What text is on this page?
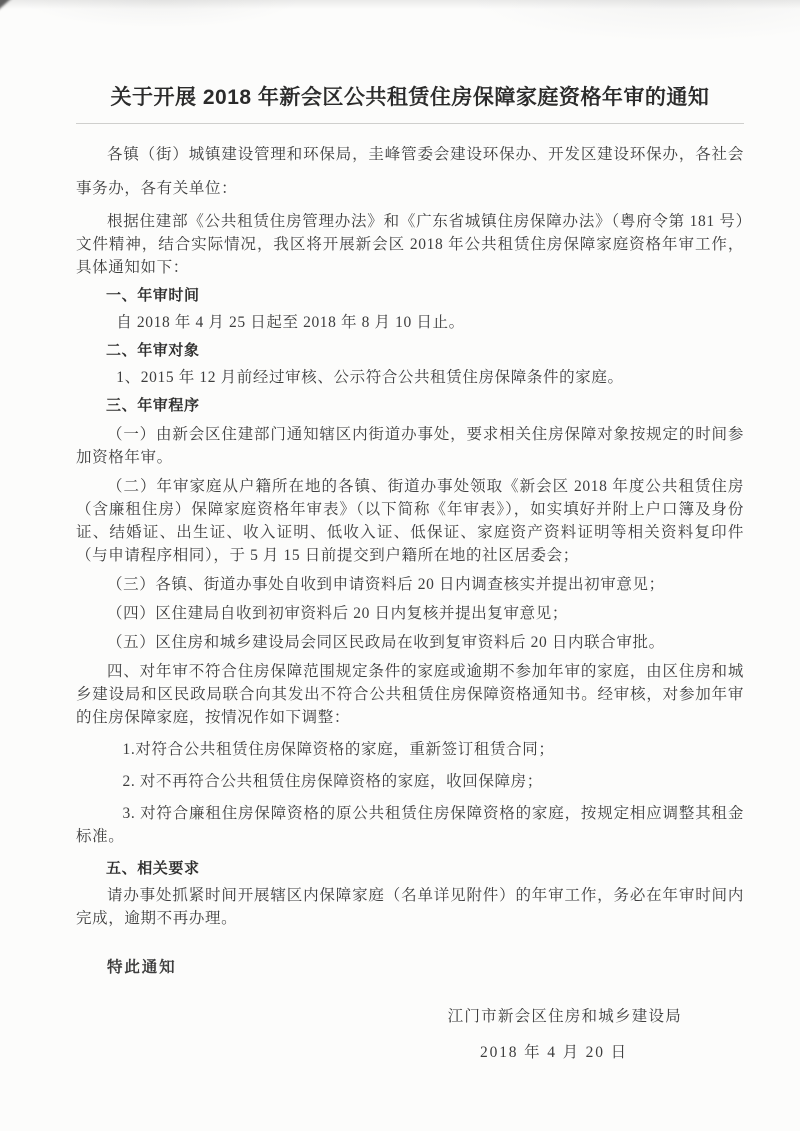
关于开展 2018 年新会区公共租赁住房保障家庭资格年审的通知

各镇（街）城镇建设管理和环保局，圭峰管委会建设环保办、开发区建设环保办，各社会事务办，各有关单位：

根据住建部《公共租赁住房管理办法》和《广东省城镇住房保障办法》（粤府令第 181 号）文件精神，结合实际情况，我区将开展新会区 2018 年公共租赁住房保障家庭资格年审工作，具体通知如下：

一、年审时间

自 2018 年 4 月 25 日起至 2018 年 8 月 10 日止。

二、年审对象

1、2015 年 12 月前经过审核、公示符合公共租赁住房保障条件的家庭。

三、年审程序

（一）由新会区住建部门通知辖区内街道办事处，要求相关住房保障对象按规定的时间参加资格年审。

（二）年审家庭从户籍所在地的各镇、街道办事处领取《新会区 2018 年度公共租赁住房（含廉租住房）保障家庭资格年审表》（以下简称《年审表》），如实填好并附上户口簿及身份证、结婚证、出生证、收入证明、低收入证、低保证、家庭资产资料证明等相关资料复印件（与申请程序相同），于 5 月 15 日前提交到户籍所在地的社区居委会；

（三）各镇、街道办事处自收到申请资料后 20 日内调查核实并提出初审意见；

（四）区住建局自收到初审资料后 20 日内复核并提出复审意见；

（五）区住房和城乡建设局会同区民政局在收到复审资料后 20 日内联合审批。

四、对年审不符合住房保障范围规定条件的家庭或逾期不参加年审的家庭，由区住房和城乡建设局和区民政局联合向其发出不符合公共租赁住房保障资格通知书。经审核，对参加年审的住房保障家庭，按情况作如下调整：

1.对符合公共租赁住房保障资格的家庭，重新签订租赁合同；

2. 对不再符合公共租赁住房保障资格的家庭，收回保障房；

3. 对符合廉租住房保障资格的原公共租赁住房保障资格的家庭，按规定相应调整其租金标准。

五、相关要求

请办事处抓紧时间开展辖区内保障家庭（名单详见附件）的年审工作，务必在年审时间内完成，逾期不再办理。

特此通知

江门市新会区住房和城乡建设局

2018 年 4 月 20 日
